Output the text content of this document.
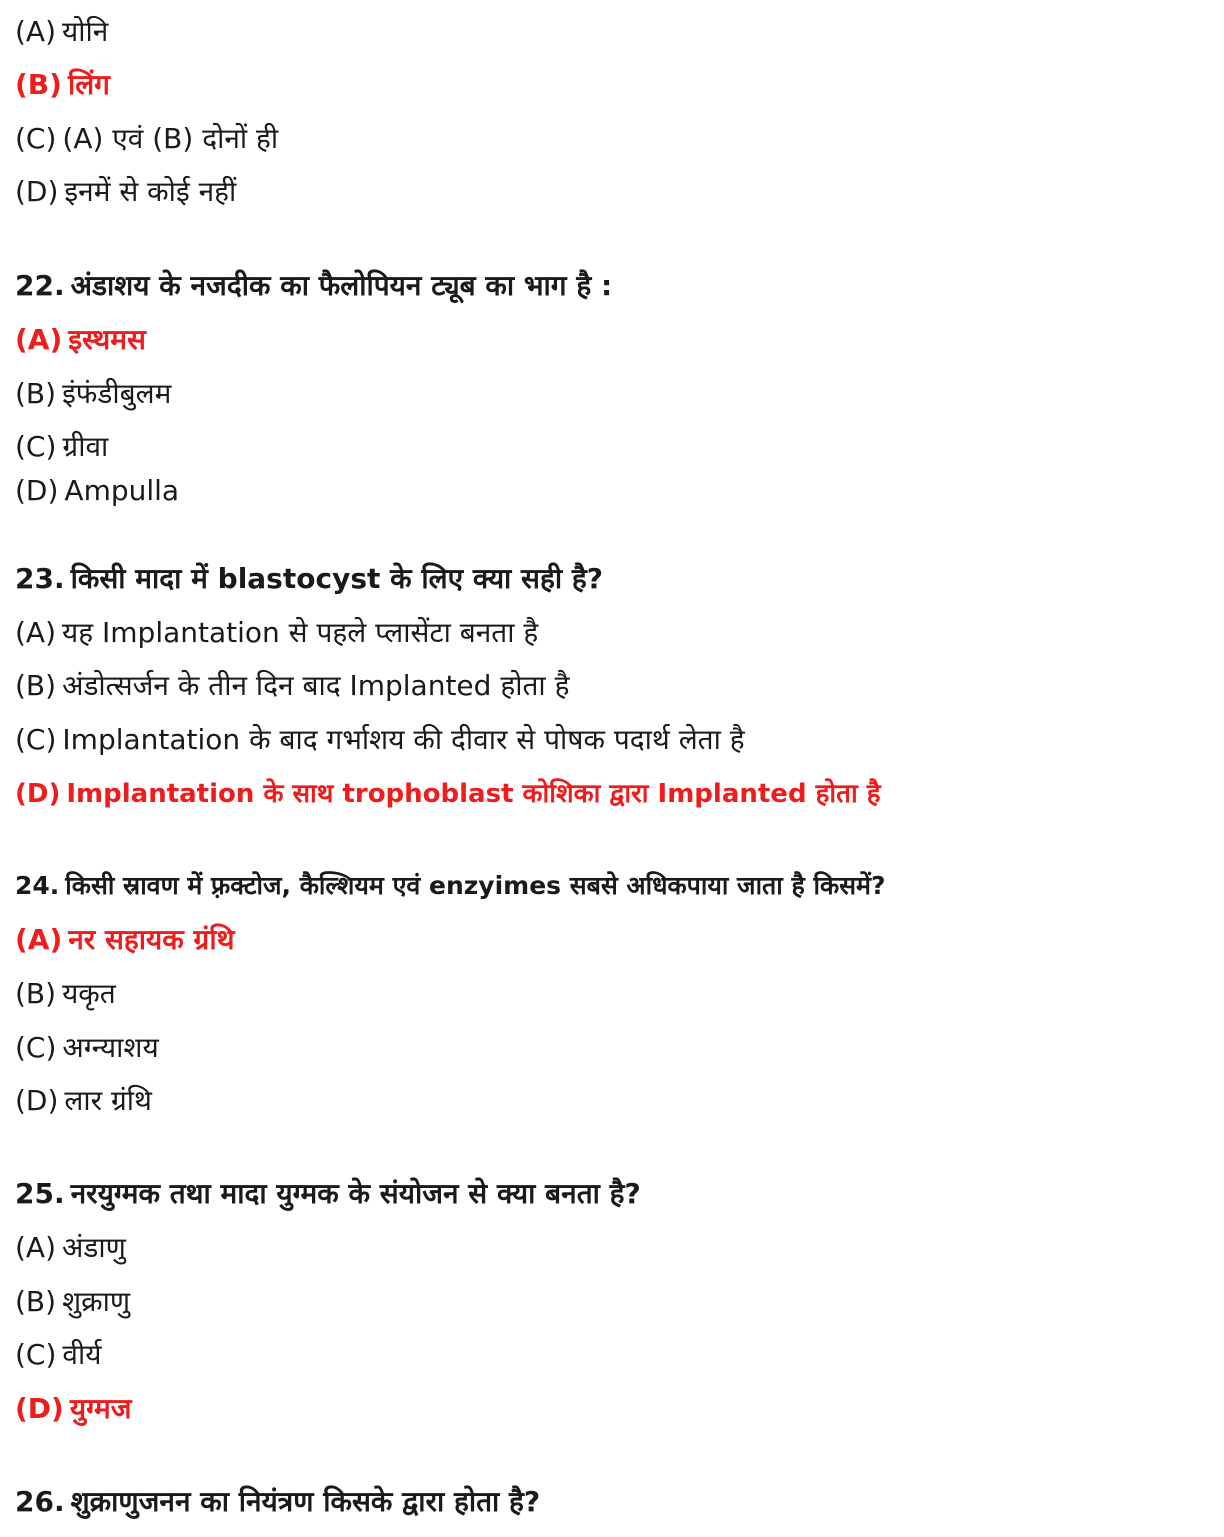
(A) योनि
(B) लिंग
(C) (A) एवं (B) दोनों ही
(D) इनमें से कोई नहीं
22. अंडाशय के नजदीक का फैलोपियन ट्यूब का भाग है :
(A) इस्थमस
(B) इंफंडीबुलम
(C) ग्रीवा
(D) Ampulla
23. किसी मादा में blastocyst के लिए क्या सही है?
(A) यह Implantation से पहले प्लासेंटा बनता है
(B) अंडोत्सर्जन के तीन दिन बाद Implanted होता है
(C) Implantation के बाद गर्भाशय की दीवार से पोषक पदार्थ लेता है
(D) Implantation के साथ trophoblast कोशिका द्वारा Implanted होता है
24. किसी स्रावण में फ़्रक्टोज, कैल्शियम एवं enzyimes सबसे अधिकपाया जाता है किसमें?
(A) नर सहायक ग्रंथि
(B) यकृत
(C) अग्न्याशय
(D) लार ग्रंथि
25. नरयुग्मक तथा मादा युग्मक के संयोजन से क्या बनता है?
(A) अंडाणु
(B) शुक्राणु
(C) वीर्य
(D) युग्मज
26. शुक्राणुजनन का नियंत्रण किसके द्वारा होता है?
